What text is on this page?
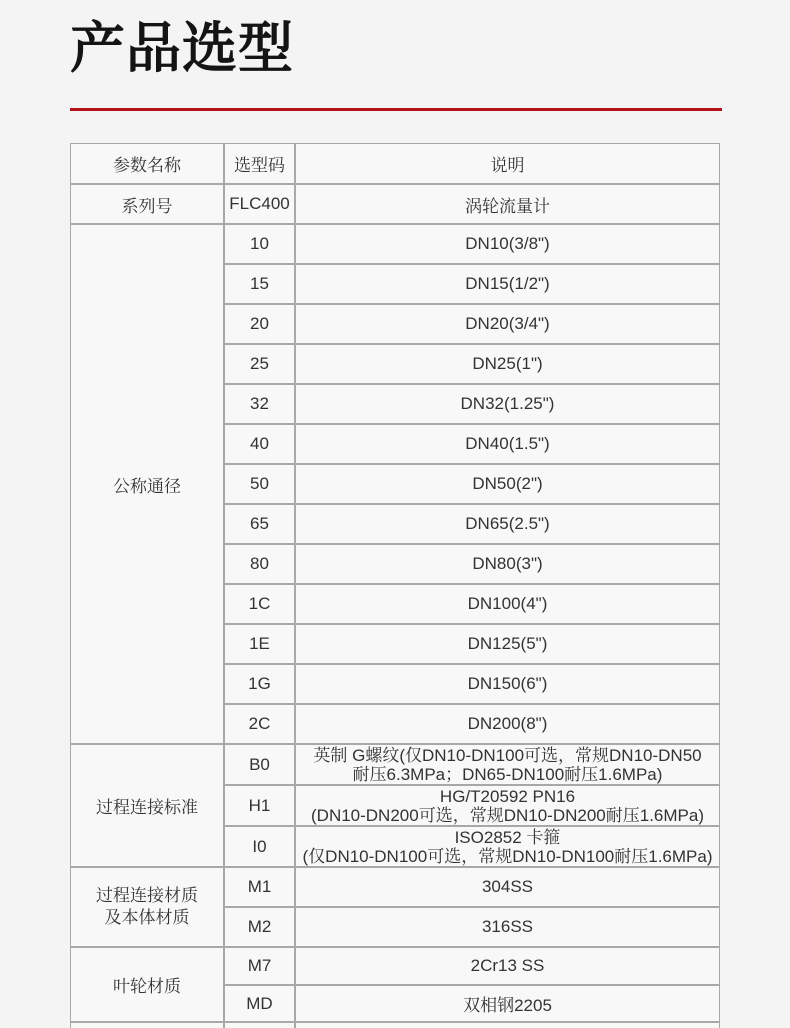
产品选型
参数名称	选型码	说明
系列号	FLC400	涡轮流量计
公称通径	10	DN10(3/8")
	15	DN15(1/2")
	20	DN20(3/4")
	25	DN25(1")
	32	DN32(1.25")
	40	DN40(1.5")
	50	DN50(2")
	65	DN65(2.5")
	80	DN80(3")
	1C	DN100(4")
	1E	DN125(5")
	1G	DN150(6")
	2C	DN200(8")
过程连接标准	B0	英制 G螺纹(仅DN10-DN100可选，常规DN10-DN50
耐压6.3MPa；DN65-DN100耐压1.6MPa)

	H1	HG/T20592 PN16
(DN10-DN200可选，常规DN10-DN200耐压1.6MPa)

	I0	ISO2852 卡箍
(仅DN10-DN100可选，常规DN10-DN100耐压1.6MPa)

过程连接材质
及本体材质	M1	304SS
	M2	316SS
叶轮材质	M7	2Cr13 SS
	MD	双相钢2205
